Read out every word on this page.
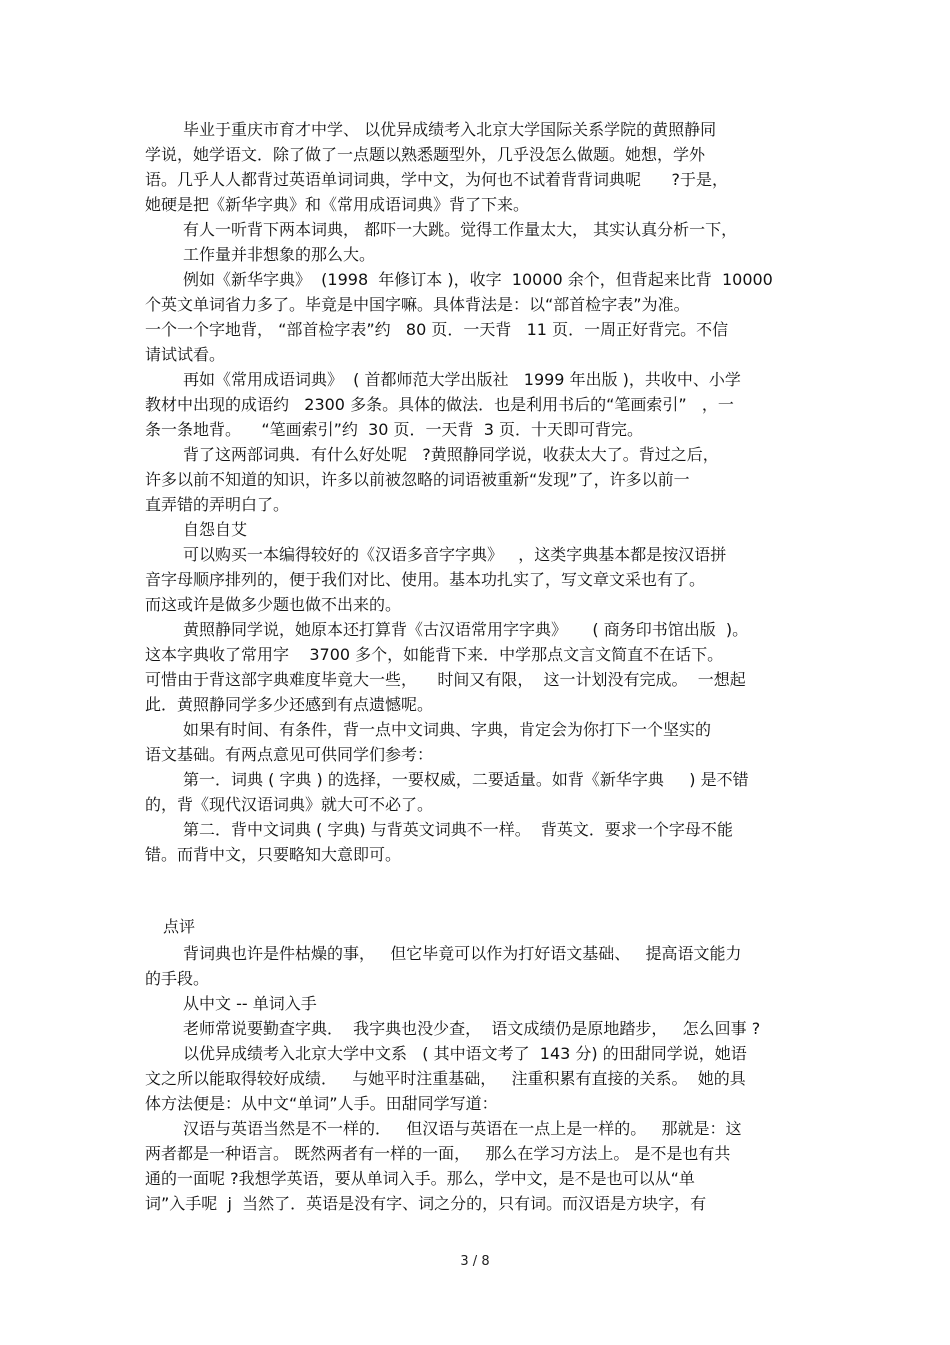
毕业于重庆市育才中学、 以优异成绩考入北京大学国际关系学院的黄照静同
学说，她学语文．除了做了一点题以熟悉题型外，几乎没怎么做题。她想，学外
语。几乎人人都背过英语单词词典，学中文，为何也不试着背背词典呢      ?于是，
她硬是把《新华字典》和《常用成语词典》背了下来。
有人一听背下两本词典， 都吓一大跳。觉得工作量太大， 其实认真分析一下，
工作量并非想象的那么大。
例如《新华字典》  (1998  年修订本 )，收字  10000 余个，但背起来比背  10000
个英文单词省力多了。毕竟是中国字嘛。具体背法是：以“部首检字表”为准。
一个一个字地背， “部首检字表”约   80 页．一天背   11 页．一周正好背完。不信
请试试看。
再如《常用成语词典》  ( 首都师范大学出版社   1999 年出版 )，共收中、小学
教材中出现的成语约   2300 多条。具体的做法．也是利用书后的“笔画索引”   ，一
条一条地背。    “笔画索引”约  30 页．一天背  3 页．十天即可背完。
背了这两部词典．有什么好处呢   ?黄照静同学说，收获太大了。背过之后，
许多以前不知道的知识，许多以前被忽略的词语被重新“发现”了，许多以前一
直弄错的弄明白了。
自怨自艾
可以购买一本编得较好的《汉语多音字字典》   ，这类字典基本都是按汉语拼
音字母顺序排列的，便于我们对比、使用。基本功扎实了，写文章文采也有了。
而这或许是做多少题也做不出来的。
黄照静同学说，她原本还打算背《古汉语常用字字典》     ( 商务印书馆出版  )。
这本字典收了常用字    3700 多个，如能背下来．中学那点文言文简直不在话下。
可惜由于背这部字典难度毕竟大一些，    时间又有限，  这一计划没有完成。  一想起
此．黄照静同学多少还感到有点遗憾呢。
如果有时间、有条件，背一点中文词典、字典，肯定会为你打下一个坚实的
语文基础。有两点意见可供同学们参考：
第一．词典 ( 字典 ) 的选择，一要权威，二要适量。如背《新华字典     ) 是不错
的，背《现代汉语词典》就大可不必了。
第二．背中文词典 ( 字典) 与背英文词典不一样。  背英文．要求一个字母不能
错。而背中文，只要略知大意即可。
点评
背词典也许是件枯燥的事，   但它毕竟可以作为打好语文基础、   提高语文能力
的手段。
从中文 -- 单词入手
老师常说要勤查字典．  我字典也没少查，  语文成绩仍是原地踏步，   怎么回事 ?
以优异成绩考入北京大学中文系   ( 其中语文考了  143 分) 的田甜同学说，她语
文之所以能取得较好成绩．   与她平时注重基础，   注重积累有直接的关系。  她的具
体方法便是：从中文“单词”人手。田甜同学写道：
汉语与英语当然是不一样的．   但汉语与英语在一点上是一样的。   那就是：这
两者都是一种语言。 既然两者有一样的一面，   那么在学习方法上。 是不是也有共
通的一面呢 ?我想学英语，要从单词入手。那么，学中文，是不是也可以从“单
词”入手呢  j  当然了．英语是没有字、词之分的，只有词。而汉语是方块字，有
3 / 8
